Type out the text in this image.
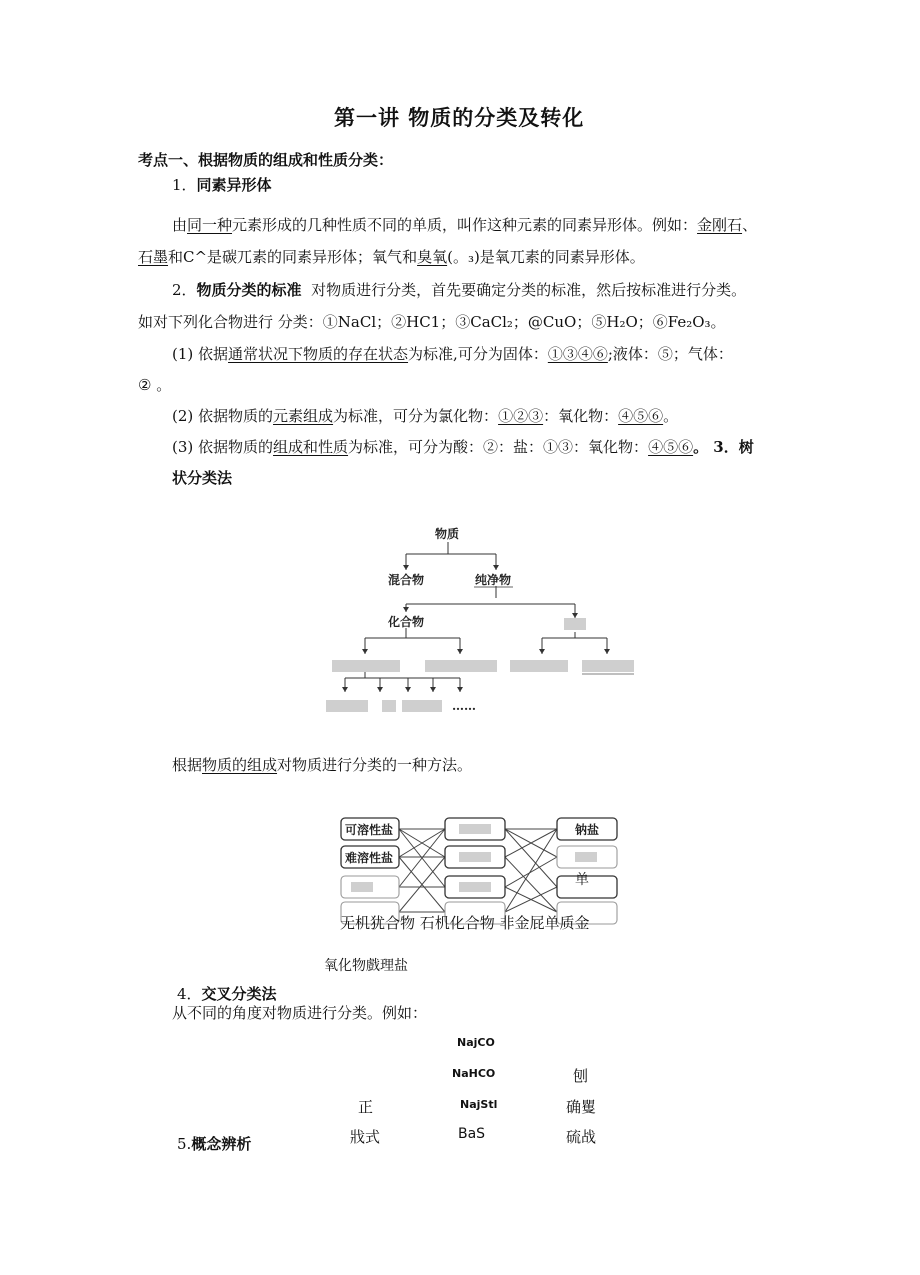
第一讲 物质的分类及转化
考点一、根据物质的组成和性质分类：
1．同素异形体
由同一种元素形成的几种性质不同的单质，叫作这种元素的同素异形体。例如：金刚石、
石墨和C^是碳兀素的同素异形体；氧气和臭氧(。₃)是氧兀素的同素异形体。
2．物质分类的标准 对物质进行分类，首先要确定分类的标准，然后按标准进行分类。
如对下列化合物进行 分类：①NaCl；②HC1；③CaCl₂；@CuO；⑤H₂O；⑥Fe₂O₃。
(1) 依据通常状况下物质的存在状态为标准,可分为固体：①③④⑥;液体：⑤；气体：
② 。
(2) 依据物质的元素组成为标准，可分为氯化物：①②③：氧化物：④⑤⑥。
(3) 依据物质的组成和性质为标准，可分为酸：②：盐：①③：氧化物：④⑤⑥。 3．树
状分类法
物质
混合物	纯净物
化合物
……
根据物质的组成对物质进行分类的一种方法。
可溶性盐
难溶性盐
钠盐
单
无机犹合物 石机化合物 非金屁单质金
氧化物戲理盐
4．交叉分类法
从不同的角度对物质进行分类。例如：
NajCO
NaHCO
NajStl
BaS
正
戕式
刨
确矍
硫战
5.概念辨析
